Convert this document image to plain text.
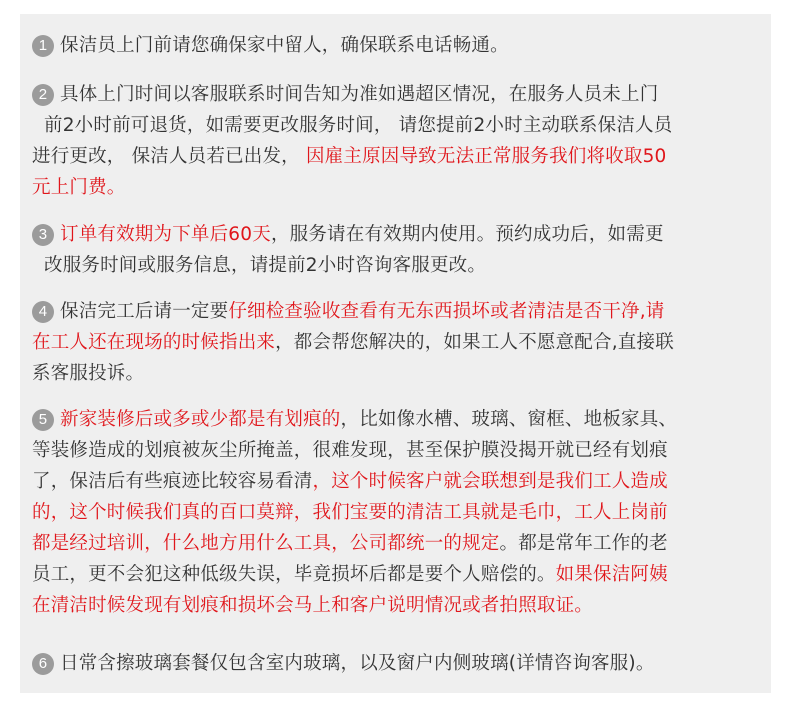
1 保洁员上门前请您确保家中留人，确保联系电话畅通。
2 具体上门时间以客服联系时间告知为准如遇超区情况，在服务人员未上门
前2小时前可退货，如需要更改服务时间， 请您提前2小时主动联系保洁人员
进行更改， 保洁人员若已出发， 因雇主原因导致无法正常服务我们将收取50
元上门费。
3 订单有效期为下单后60天，服务请在有效期内使用。预约成功后，如需更
改服务时间或服务信息，请提前2小时咨询客服更改。
4 保洁完工后请一定要仔细检查验收查看有无东西损坏或者清洁是否干净,请
在工人还在现场的时候指出来，都会帮您解决的，如果工人不愿意配合,直接联
系客服投诉。
5 新家装修后或多或少都是有划痕的，比如像水槽、玻璃、窗框、地板家具、
等装修造成的划痕被灰尘所掩盖，很难发现，甚至保护膜没揭开就已经有划痕
了，保洁后有些痕迹比较容易看清，这个时候客户就会联想到是我们工人造成
的，这个时候我们真的百口莫辩，我们宝要的清洁工具就是毛巾，工人上岗前
都是经过培训，什么地方用什么工具，公司都统一的规定。都是常年工作的老
员工，更不会犯这种低级失误，毕竟损坏后都是要个人赔偿的。如果保洁阿姨
在清洁时候发现有划痕和损坏会马上和客户说明情况或者拍照取证。
6 日常含擦玻璃套餐仅包含室内玻璃，以及窗户内侧玻璃(详情咨询客服)。
